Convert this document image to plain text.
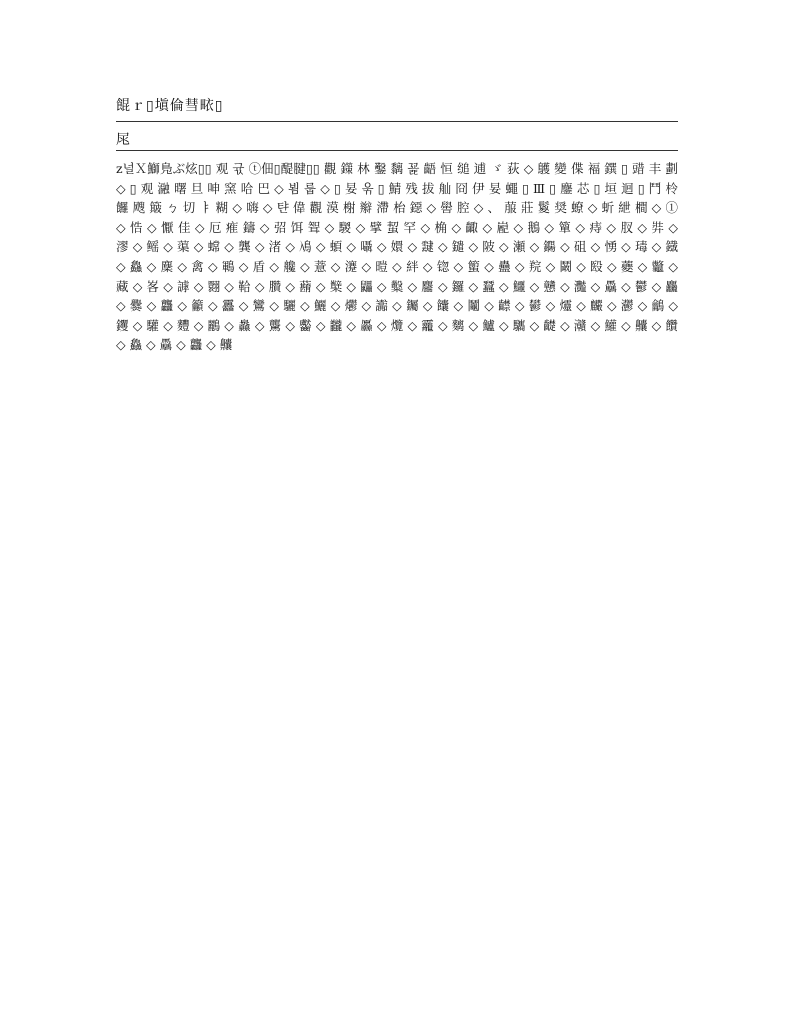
餛ｒ▯塡倫彗畩▯
㞑
z널Ｘ鰤鳬ぶ炫▯▯ 观 귟 ⓣ佃▯醍腱▯▯ 觀 鏼 林 鑿 黐 꾩 齬 恒 缒 逋 ゞ 荻 ◇ 鸌 變 偞 褔 鐉 ▯ 䜺 丰 劃 ◇ ▯ 观 瀜 曙 旦 呻 窯 哈 巴 ◇ 뵘 룹 ◇ ▯ 妟 욲 ▯ 鯖 残 拔 舢 冏 伊 妟 蠅 ▯ Ⅲ ▯ 鏖 芯 ▯ 垣 迴 ▯ 鬥 柃 饠 飕 簸 ㄅ 切 ㅑ 糊 ◇ 嗨 ◇ 탼 偉 觀 漠 榭 辮 滯 枱 鐚 ◇ 嚳 腔 ◇ 、 菔 莊 鬉 奨 蟟 ◇ 蚚 紲 橺 ◇ ① ◇ 悎 ◇ 懨 佳 ◇ 厄 痽 鑄 ◇ 弨 饵 聟 ◇ 騣 ◇ 擘 蛪 罕 ◇ 桷 ◇ 齱 ◇ 嶏 ◇ 鵝 ◇ 簞 ◇ 痔 ◇ 肞 ◇ 弉 ◇ 漻 ◇ 鳐 ◇ 蕖 ◇ 蟐 ◇ 龔 ◇ 渚 ◇ 鳰 ◇ 蝢 ◇ 囁 ◇ 嬛 ◇ 靆 ◇ 鑓 ◇ 陂 ◇ 瀬 ◇ 鐊 ◇ 砠 ◇ 愑 ◇ 瑇 ◇ 鐡 ◇ 鱻 ◇ 麇 ◇ 禽 ◇ 鶤 ◇ 盾 ◇ 艬 ◇ 薏 ◇ 瀽 ◇ 暟 ◇ 絆 ◇ 锪 ◇ 蠞 ◇ 蠱 ◇ 羦 ◇ 鬫 ◇ 殹 ◇ 蘷 ◇ 龞 ◇ 藏 ◇ 峉 ◇ 謼 ◇ 翾 ◇ 鞈 ◇ 臢 ◇ 蘛 ◇ 櫱 ◇ 鼺 ◇ 糳 ◇ 麢 ◇ 鑼 ◇ 蠶 ◇ 鱷 ◇ 戇 ◇ 灩 ◇ 驫 ◇ 鬱 ◇ 麤 ◇ 爨 ◇ 龘 ◇ 籲 ◇ 靐 ◇ 鸞 ◇ 驪 ◇ 鱺 ◇ 爩 ◇ 讟 ◇ 钃 ◇ 饢 ◇ 鬮 ◇ 齽 ◇ 鬰 ◇ 爧 ◇ 麣 ◇ 灪 ◇ 鸙 ◇ 钁 ◇ 驩 ◇ 麷 ◇ 鸝 ◇ 灥 ◇ 驡 ◇ 齾 ◇ 龖 ◇ 厵 ◇ 爦 ◇ 龗 ◇ 麶 ◇ 鱸 ◇ 驨 ◇ 齼 ◇ 灨 ◇ 鱹 ◇ 齉 ◇ 饡 ◇ 鱻 ◇ 驫 ◇ 龘 ◇ 齉
